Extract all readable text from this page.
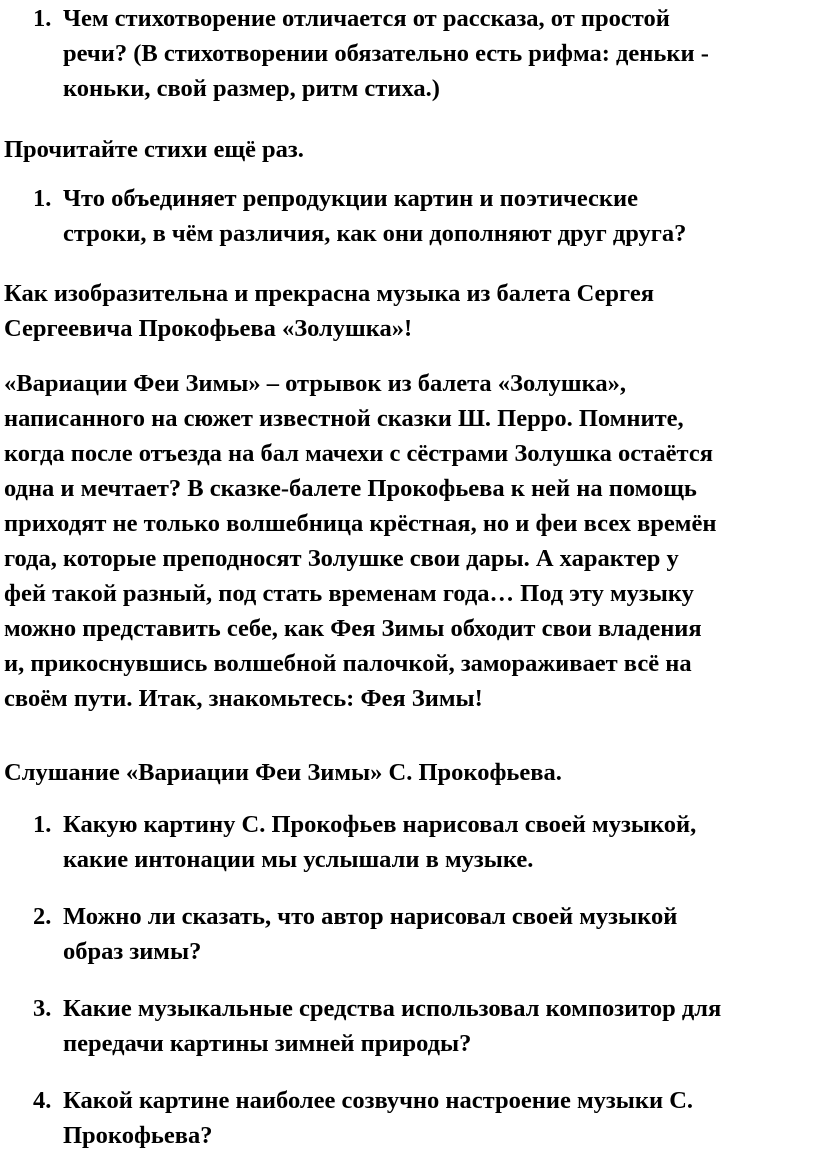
1. Чем стихотворение отличается от рассказа, от простой
речи? (В стихотворении обязательно есть рифма: деньки -
коньки, свой размер, ритм стиха.)
Прочитайте стихи ещё раз.
1. Что объединяет репродукции картин и поэтические
строки, в чём различия, как они дополняют друг друга?
Как изобразительна и прекрасна музыка из балета Сергея
Сергеевича Прокофьева «Золушка»!
«Вариации Феи Зимы» – отрывок из балета «Золушка»,
написанного на сюжет известной сказки Ш. Перро. Помните,
когда после отъезда на бал мачехи с сёстрами Золушка остаётся
одна и мечтает? В сказке-балете Прокофьева к ней на помощь
приходят не только волшебница крёстная, но и феи всех времён
года, которые преподносят Золушке свои дары. А характер у
фей такой разный, под стать временам года… Под эту музыку
можно представить себе, как Фея Зимы обходит свои владения
и, прикоснувшись волшебной палочкой, замораживает всё на
своём пути. Итак, знакомьтесь: Фея Зимы!
Слушание «Вариации Феи Зимы» С. Прокофьева.
1. Какую картину С. Прокофьев нарисовал своей музыкой,
какие интонации мы услышали в музыке.
2. Можно ли сказать, что автор нарисовал своей музыкой
образ зимы?
3. Какие музыкальные средства использовал композитор для
передачи картины зимней природы?
4. Какой картине наиболее созвучно настроение музыки С.
Прокофьева?
